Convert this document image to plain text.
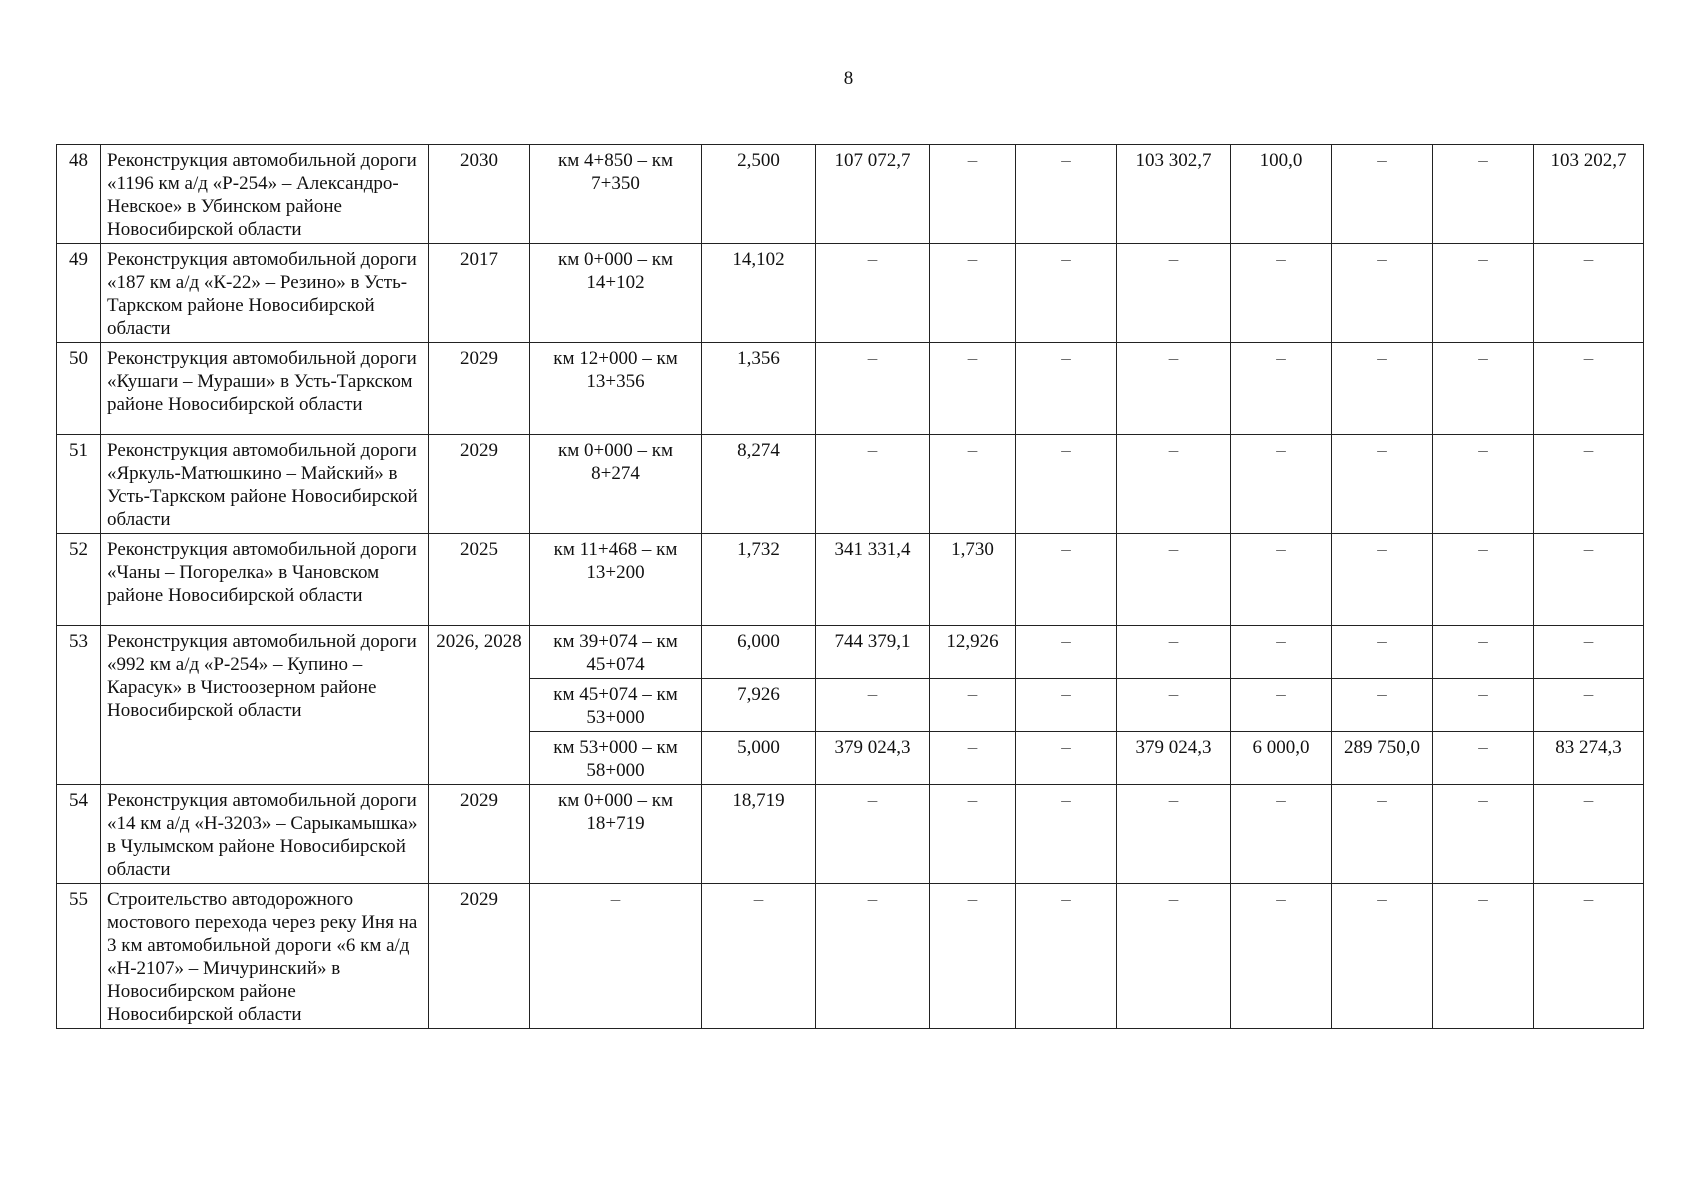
8
48	Реконструкция автомобильной дороги «1196 км а/д «Р-254» – Александро-Невское» в Убинском районе Новосибирской области	2030	км 4+850 – км 7+350	2,500	107 072,7	–	–	103 302,7	100,0	–	–	103 202,7
49	Реконструкция автомобильной дороги «187 км а/д «К-22» – Резино» в Усть-Таркском районе Новосибирской области	2017	км 0+000 – км 14+102	14,102	–	–	–	–	–	–	–	–
50	Реконструкция автомобильной дороги «Кушаги – Мураши» в Усть-Таркском районе Новосибирской области	2029	км 12+000 – км 13+356	1,356	–	–	–	–	–	–	–	–
51	Реконструкция автомобильной дороги «Яркуль-Матюшкино – Майский» в Усть-Таркском районе Новосибирской области	2029	км 0+000 – км 8+274	8,274	–	–	–	–	–	–	–	–
52	Реконструкция автомобильной дороги «Чаны – Погорелка» в Чановском районе Новосибирской области	2025	км 11+468 – км 13+200	1,732	341 331,4	1,730	–	–	–	–	–	–
53	Реконструкция автомобильной дороги «992 км а/д «Р-254» – Купино – Карасук» в Чистоозерном районе Новосибирской области	2026, 2028	км 39+074 – км 45+074	6,000	744 379,1	12,926	–	–	–	–	–	–
			км 45+074 – км 53+000	7,926	–	–	–	–	–	–	–	–
			км 53+000 – км 58+000	5,000	379 024,3	–	–	379 024,3	6 000,0	289 750,0	–	83 274,3
54	Реконструкция автомобильной дороги «14 км а/д «Н-3203» – Сарыкамышка» в Чулымском районе Новосибирской области	2029	км 0+000 – км 18+719	18,719	–	–	–	–	–	–	–	–
55	Строительство автодорожного мостового перехода через реку Иня на 3 км автомобильной дороги «6 км а/д «Н-2107» – Мичуринский» в Новосибирском районе Новосибирской области	2029	–	–	–	–	–	–	–	–	–	–
